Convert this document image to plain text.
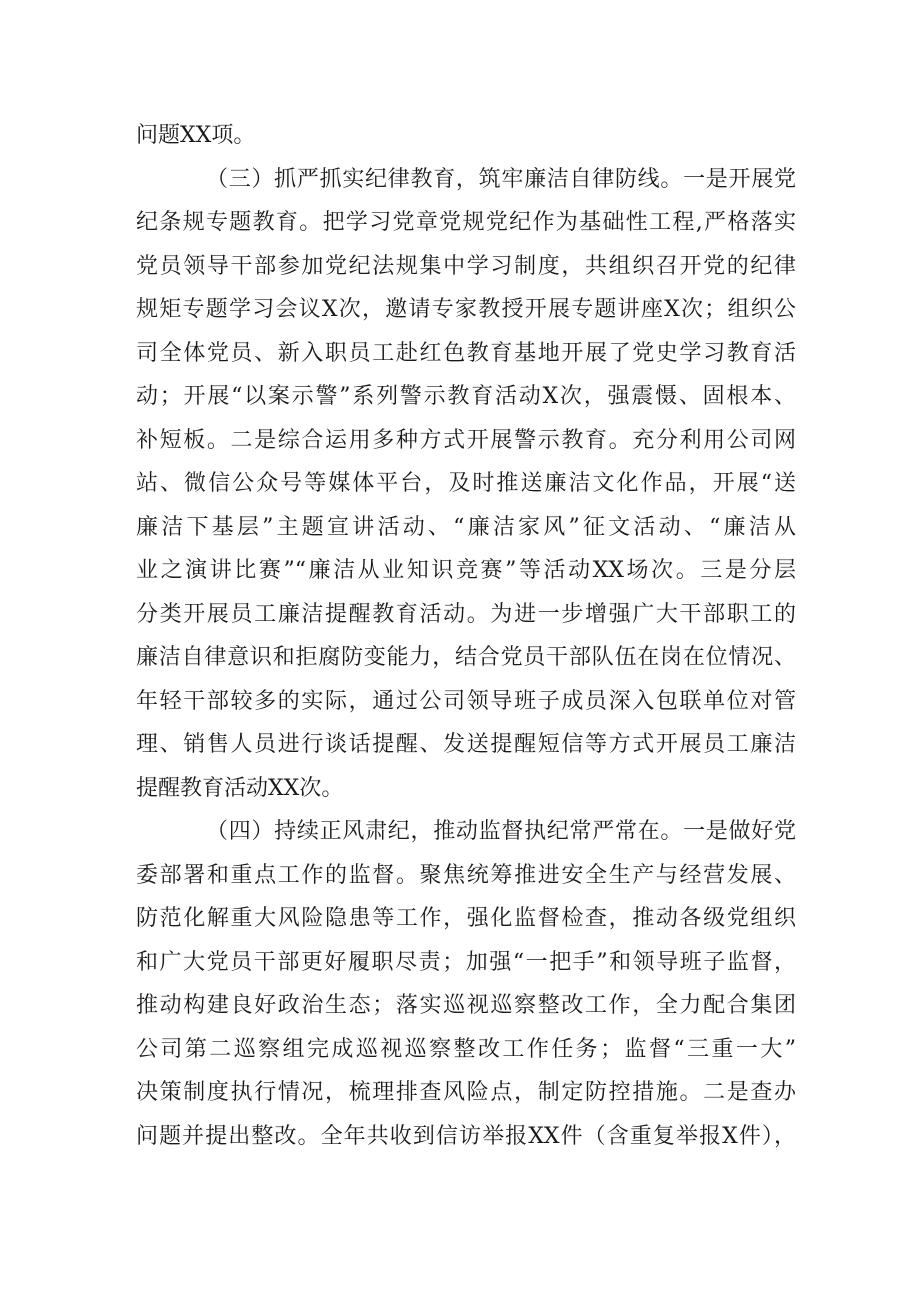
问题XX项。
（三）抓严抓实纪律教育，筑牢廉洁自律防线。一是开展党
纪条规专题教育。把学习党章党规党纪作为基础性工程,严格落实
党员领导干部参加党纪法规集中学习制度，共组织召开党的纪律
规矩专题学习会议X次，邀请专家教授开展专题讲座X次；组织公
司全体党员、新入职员工赴红色教育基地开展了党史学习教育活
动；开展“以案示警”系列警示教育活动X次，强震慑、固根本、
补短板。二是综合运用多种方式开展警示教育。充分利用公司网
站、微信公众号等媒体平台，及时推送廉洁文化作品，开展“送
廉洁下基层”主题宣讲活动、“廉洁家风”征文活动、“廉洁从
业之演讲比赛”“廉洁从业知识竞赛”等活动XX场次。三是分层
分类开展员工廉洁提醒教育活动。为进一步增强广大干部职工的
廉洁自律意识和拒腐防变能力，结合党员干部队伍在岗在位情况、
年轻干部较多的实际，通过公司领导班子成员深入包联单位对管
理、销售人员进行谈话提醒、发送提醒短信等方式开展员工廉洁
提醒教育活动XX次。
（四）持续正风肃纪，推动监督执纪常严常在。一是做好党
委部署和重点工作的监督。聚焦统筹推进安全生产与经营发展、
防范化解重大风险隐患等工作，强化监督检查，推动各级党组织
和广大党员干部更好履职尽责；加强“一把手”和领导班子监督，
推动构建良好政治生态；落实巡视巡察整改工作，全力配合集团
公司第二巡察组完成巡视巡察整改工作任务；监督“三重一大”
决策制度执行情况，梳理排查风险点，制定防控措施。二是查办
问题并提出整改。全年共收到信访举报XX件（含重复举报X件），
